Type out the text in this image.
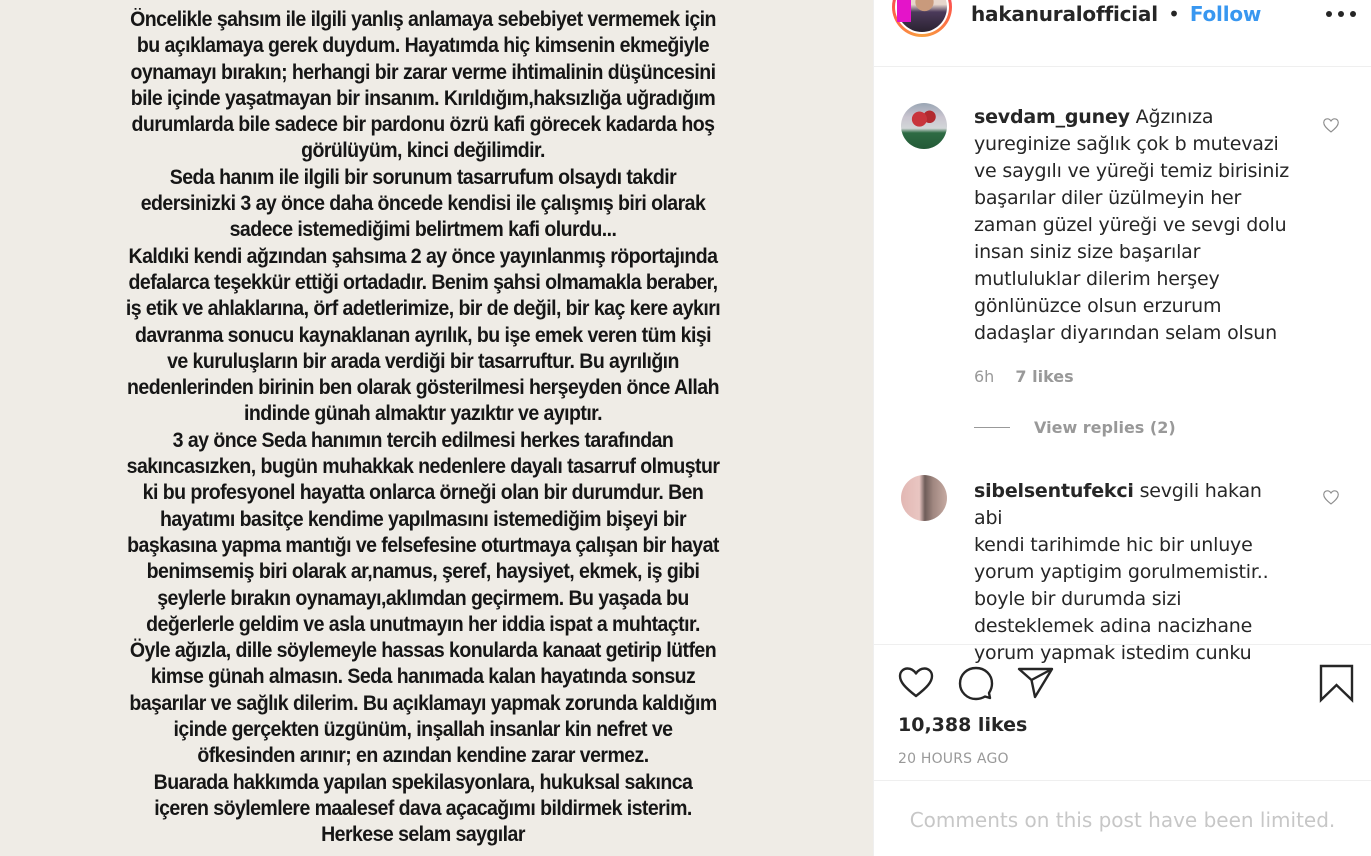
Öncelikle şahsım ile ilgili yanlış anlamaya sebebiyet vermemek için
bu açıklamaya gerek duydum. Hayatımda hiç kimsenin ekmeğiyle
oynamayı bırakın; herhangi bir zarar verme ihtimalinin düşüncesini
bile içinde yaşatmayan bir insanım. Kırıldığım,haksızlığa uğradığım
durumlarda bile sadece bir pardonu özrü kafi görecek kadarda hoş
görülüyüm, kinci değilimdir.
Seda hanım ile ilgili bir sorunum tasarrufum olsaydı takdir
edersinizki 3 ay önce daha öncede kendisi ile çalışmış biri olarak
sadece istemediğimi belirtmem kafi olurdu...
Kaldıki kendi ağzından şahsıma 2 ay önce yayınlanmış röportajında
defalarca teşekkür ettiği ortadadır. Benim şahsi olmamakla beraber,
iş etik ve ahlaklarına, örf adetlerimize, bir de değil, bir kaç kere aykırı
davranma sonucu kaynaklanan ayrılık, bu işe emek veren tüm kişi
ve kuruluşların bir arada verdiği bir tasarruftur. Bu ayrılığın
nedenlerinden birinin ben olarak gösterilmesi herşeyden önce Allah
indinde günah almaktır yazıktır ve ayıptır.
3 ay önce Seda hanımın tercih edilmesi herkes tarafından
sakıncasızken, bugün muhakkak nedenlere dayalı tasarruf olmuştur
ki bu profesyonel hayatta onlarca örneği olan bir durumdur. Ben
hayatımı basitçe kendime yapılmasını istemediğim bişeyi bir
başkasına yapma mantığı ve felsefesine oturtmaya çalışan bir hayat
benimsemiş biri olarak ar,namus, şeref, haysiyet, ekmek, iş gibi
şeylerle bırakın oynamayı,aklımdan geçirmem. Bu yaşada bu
değerlerle geldim ve asla unutmayın her iddia ispat a muhtaçtır.
Öyle ağızla, dille söylemeyle hassas konularda kanaat getirip lütfen
kimse günah almasın. Seda hanımada kalan hayatında sonsuz
başarılar ve sağlık dilerim. Bu açıklamayı yapmak zorunda kaldığım
içinde gerçekten üzgünüm, inşallah insanlar kin nefret ve
öfkesinden arınır; en azından kendine zarar vermez.
Buarada hakkımda yapılan spekilasyonlara, hukuksal sakınca
içeren söylemlere maalesef dava açacağımı bildirmek isterim.
Herkese selam saygılar
hakanuralofficial • Follow
sevdam_guney Ağzınıza
yureginize sağlık çok b mutevazi
ve saygılı ve yüreği temiz birisiniz
başarılar diler üzülmeyin her
zaman güzel yüreği ve sevgi dolu
insan siniz size başarılar
mutluluklar dilerim herşey
gönlünüzce olsun erzurum
dadaşlar diyarından selam olsun
6h 7 likes
View replies (2)
sibelsentufekci sevgili hakan abi
kendi tarihimde hic bir unluye
yorum yaptigim gorulmemistir..
boyle bir durumda sizi
desteklemek adina nacizhane
yorum yapmak istedim cunku
10,388 likes
20 HOURS AGO
Comments on this post have been limited.
